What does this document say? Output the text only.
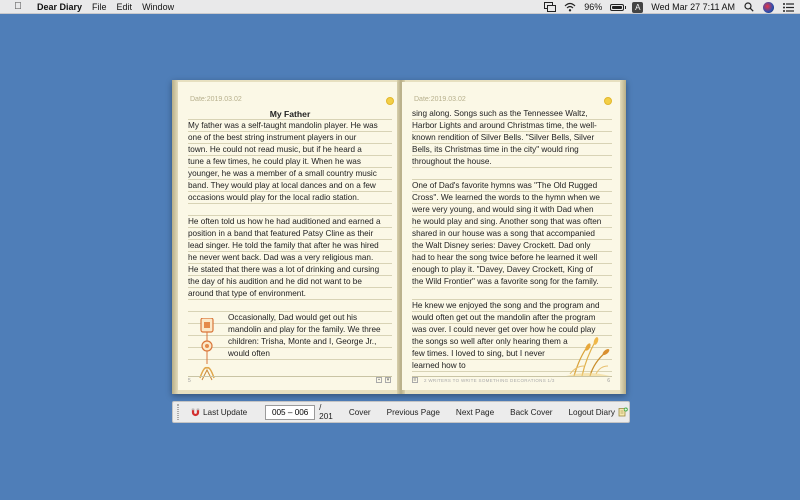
Dear Diary File Edit Window	96%	A	Wed Mar 27 7:11 AM
Date:2019.03.02
My Father

My father was a self-taught mandolin player. He was

one of the best string instrument players in our

town. He could not read music, but if he heard a

tune a few times, he could play it. When he was

younger, he was a member of a small country music

band. They would play at local dances and on a few

occasions would play for the local radio station.

He often told us how he had auditioned and earned a

position in a band that featured Patsy Cline as their

lead singer. He told the family that after he was hired

he never went back. Dad was a very religious man.

He stated that there was a lot of drinking and cursing

the day of his audition and he did not want to be

around that type of environment.

Occasionally, Dad would get out his

mandolin and play for the family. We three

children: Trisha, Monte and I, George Jr.,

would often

5	▪	▾
Date:2019.03.02

sing along. Songs such as the Tennessee Waltz,

Harbor Lights and around Christmas time, the well-

known rendition of Silver Bells. "Silver Bells, Silver

Bells, its Christmas time in the city" would ring

throughout the house.

One of Dad's favorite hymns was "The Old Rugged

Cross". We learned the words to the hymn when we

were very young, and would sing it with Dad when

he would play and sing. Another song that was often

shared in our house was a song that accompanied

the Walt Disney series: Davey Crockett. Dad only

had to hear the song twice before he learned it well

enough to play it. "Davey, Davey Crockett, King of

the Wild Frontier" was a favorite song for the family.

He knew we enjoyed the song and the program and

would often get out the mandolin after the program

was over. I could never get over how he could play

the songs so well after only hearing them a

few times. I loved to sing, but I never

learned how to

≡	2 WRITERS TO WRITE SOMETHING DECORATIONS 1/3	6
Last Update
005 – 006	/ 201	Cover	Previous Page	Next Page	Back Cover	Logout Diary
